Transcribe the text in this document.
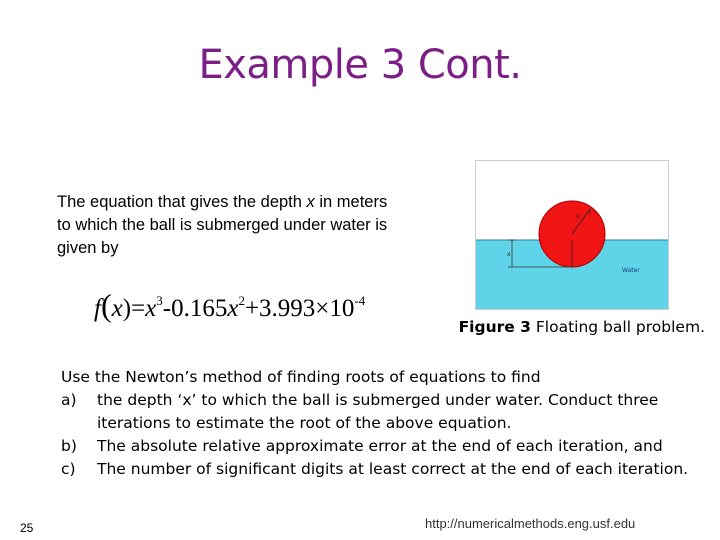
Example 3 Cont.
The equation that gives the depth x in meters
to which the ball is submerged under water is
given by
$f(x)=x^3-0.165x^2+3.993\times 10^{-4}$
x r
x
Water
Figure 3 Floating ball problem.
Use the Newton’s method of finding roots of equations to find
a) the depth ‘x’ to which the ball is submerged under water. Conduct three iterations to estimate the root of the above equation.
b) The absolute relative approximate error at the end of each iteration, and
c) The number of significant digits at least correct at the end of each iteration.
25	http://numericalmethods.eng.usf.edu
